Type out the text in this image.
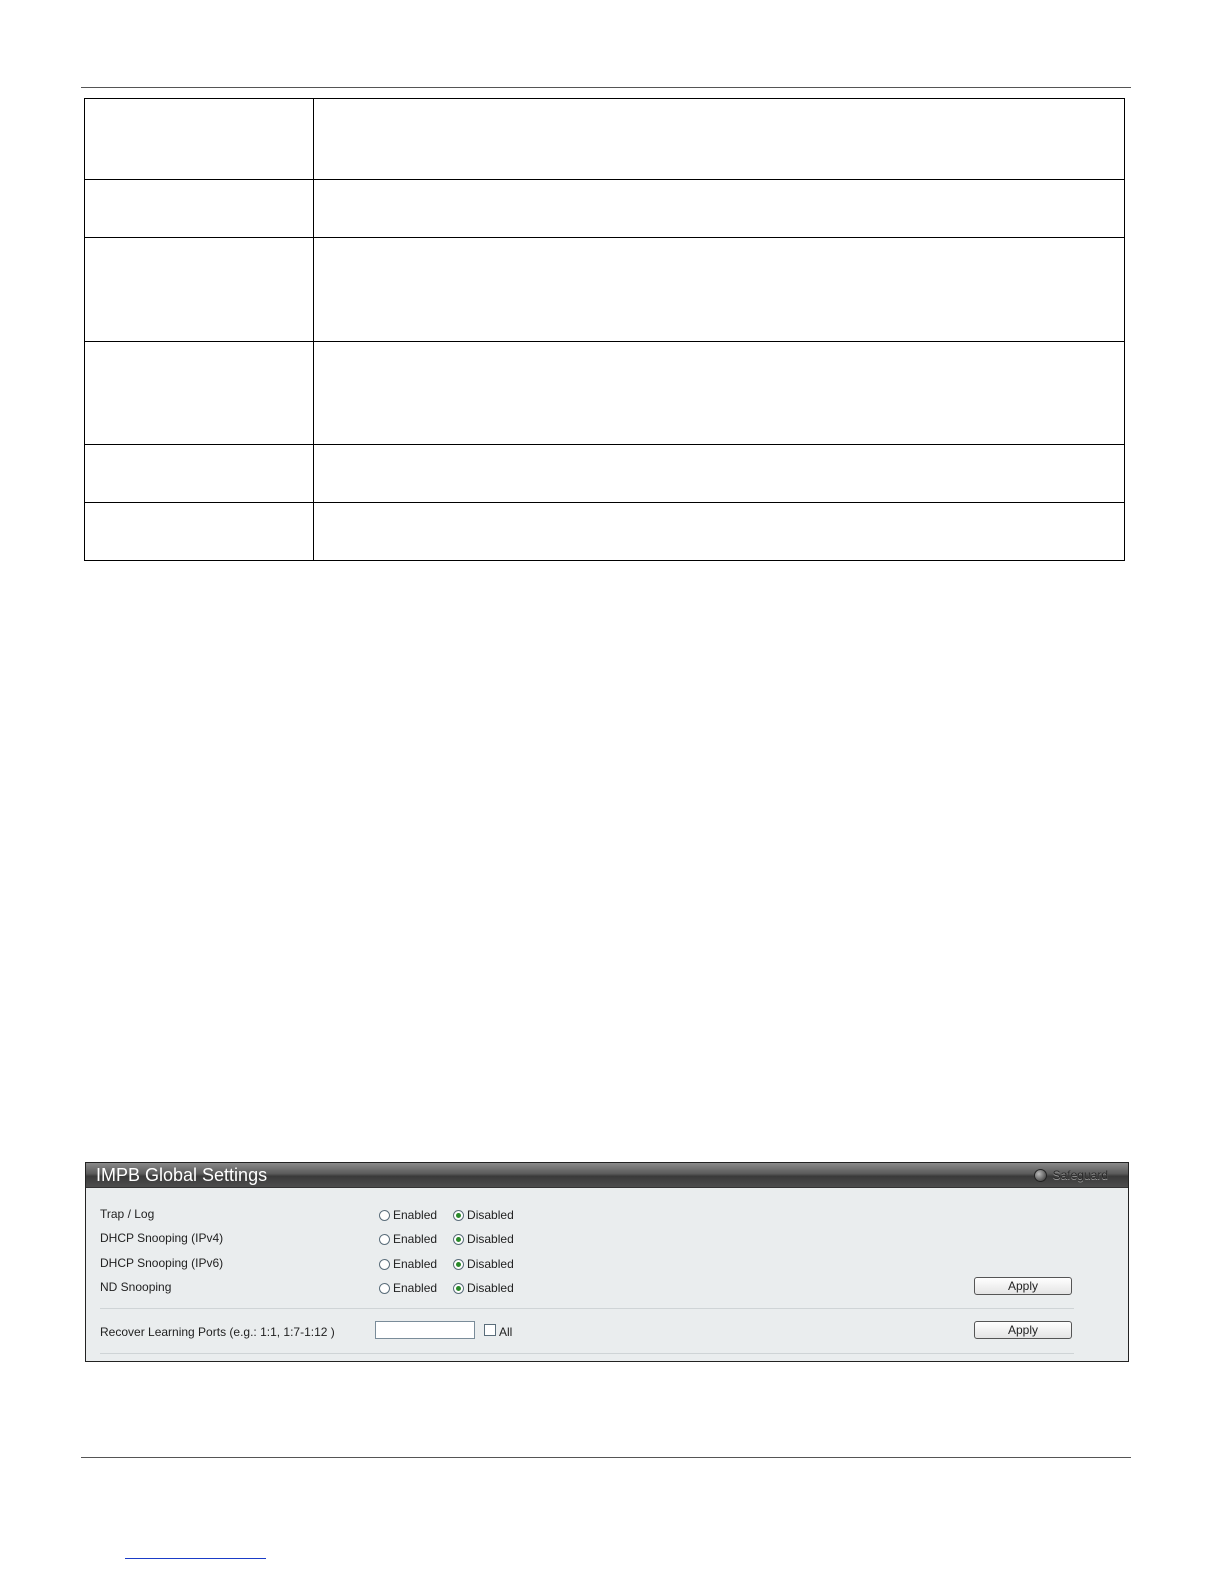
IMPB Global Settings	Safeguard
Trap / Log	Enabled	Disabled
DHCP Snooping (IPv4)	Enabled	Disabled
DHCP Snooping (IPv6)	Enabled	Disabled
ND Snooping	Enabled	Disabled	Apply
Recover Learning Ports (e.g.: 1:1, 1:7-1:12 )	All	Apply
